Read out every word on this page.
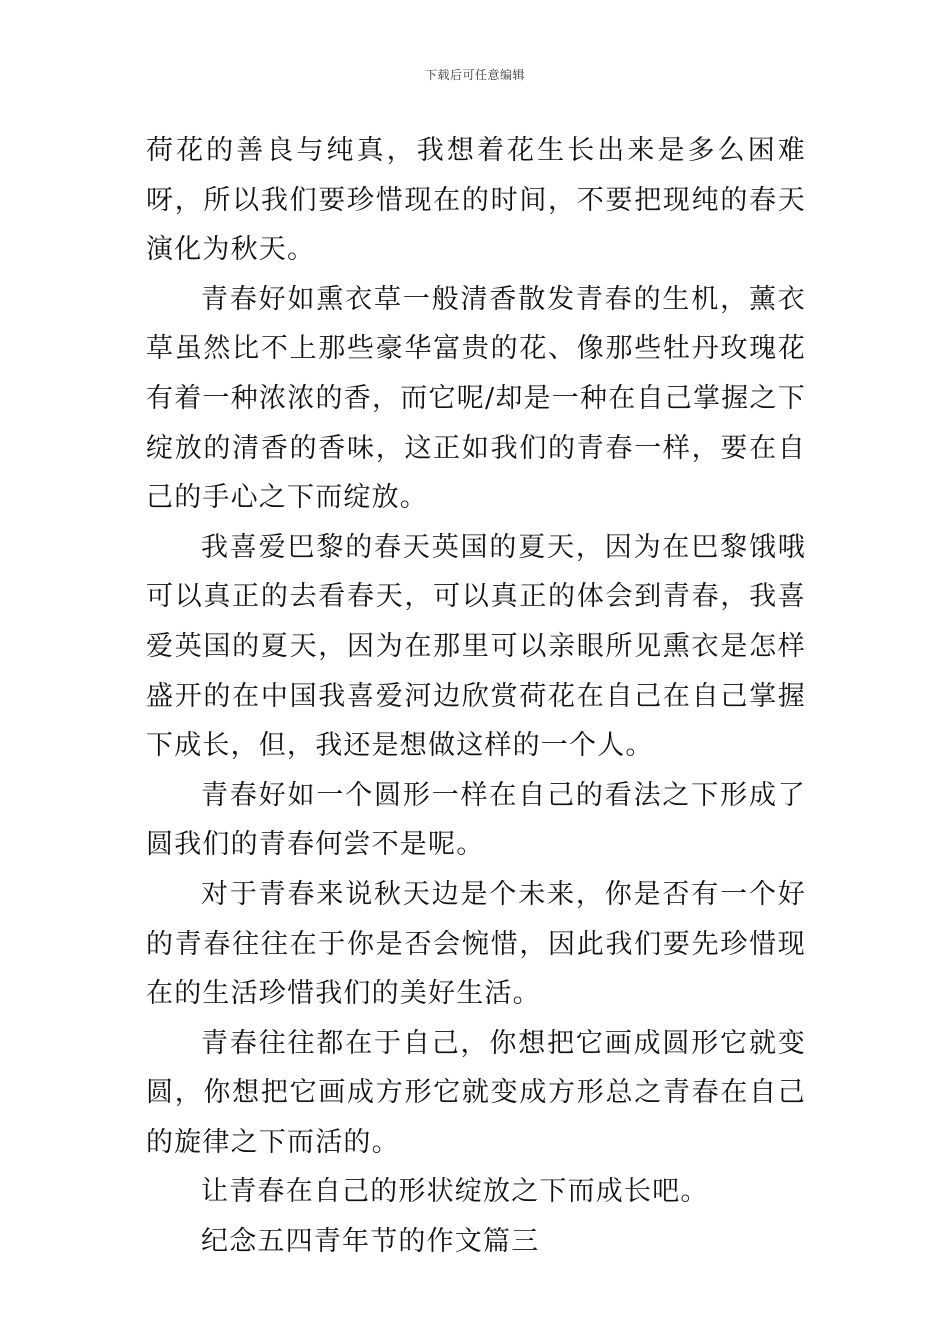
下载后可任意编辑

荷花的善良与纯真，我想着花生长出来是多么困难呀，所以我们要珍惜现在的时间，不要把现纯的春天演化为秋天。

青春好如熏衣草一般清香散发青春的生机，薰衣草虽然比不上那些豪华富贵的花、像那些牡丹玫瑰花有着一种浓浓的香，而它呢/却是一种在自己掌握之下绽放的清香的香味，这正如我们的青春一样，要在自己的手心之下而绽放。

我喜爱巴黎的春天英国的夏天，因为在巴黎饿哦可以真正的去看春天，可以真正的体会到青春，我喜爱英国的夏天，因为在那里可以亲眼所见熏衣是怎样盛开的在中国我喜爱河边欣赏荷花在自己在自己掌握下成长，但，我还是想做这样的一个人。

青春好如一个圆形一样在自己的看法之下形成了圆我们的青春何尝不是呢。

对于青春来说秋天边是个未来，你是否有一个好的青春往往在于你是否会惋惜，因此我们要先珍惜现在的生活珍惜我们的美好生活。

青春往往都在于自己，你想把它画成圆形它就变圆，你想把它画成方形它就变成方形总之青春在自己的旋律之下而活的。

让青春在自己的形状绽放之下而成长吧。

纪念五四青年节的作文篇三
